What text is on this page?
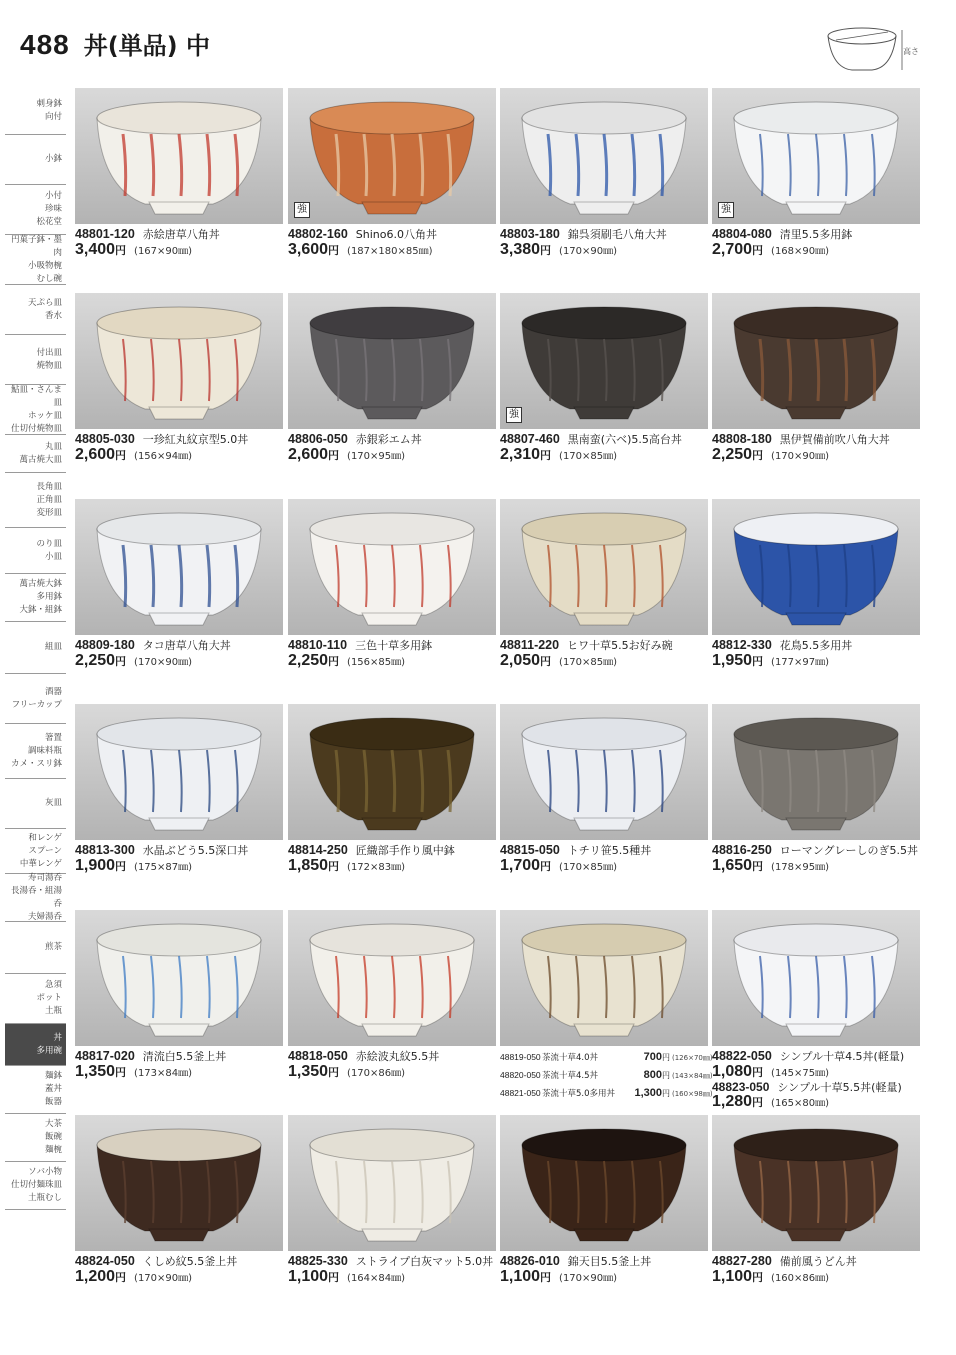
488 丼(単品) 中	高さ
刺身鉢
向付
小鉢
小付
珍味
松花堂
円菓子鉢・墨肉
小吸物椀
むし碗
天ぷら皿
香水
付出皿
焼物皿
鮎皿・さんま皿
ホッケ皿
仕切付焼物皿
丸皿
萬古焼大皿
長角皿
正角皿
変形皿
のり皿
小皿
萬古焼大鉢
多用鉢
大鉢・組鉢
組皿
酒器
フリーカップ
箸置
調味料瓶
カメ・スリ鉢
灰皿
和レンゲ
スプーン
中華レンゲ
寿司湯呑
長湯呑・組湯呑
夫婦湯呑
煎茶
急須
ポット
土瓶
丼
多用碗
麺鉢
蓋丼
飯器
大茶
飯碗
麺椀
ソバ小物
仕切付麺珠皿
土瓶むし
48801-120 赤絵唐草八角丼
3,400円 (167×90㎜)
強
48802-160 Shino6.0八角丼
3,600円 (187×180×85㎜)
48803-180 錦呉須刷毛八角大丼
3,380円 (170×90㎜)
強
48804-080 清里5.5多用鉢
2,700円 (168×90㎜)
48805-030 一珍紅丸紋京型5.0丼
2,600円 (156×94㎜)
48806-050 赤銀彩エム丼
2,600円 (170×95㎜)
強
48807-460 黒南蛮(六ベ)5.5高台丼
2,310円 (170×85㎜)
48808-180 黒伊賀備前吹八角大丼
2,250円 (170×90㎜)
48809-180 タコ唐草八角大丼
2,250円 (170×90㎜)
48810-110 三色十草多用鉢
2,250円 (156×85㎜)
48811-220 ヒワ十草5.5お好み碗
2,050円 (170×85㎜)
48812-330 花鳥5.5多用丼
1,950円 (177×97㎜)
48813-300 水晶ぶどう5.5深口丼
1,900円 (175×87㎜)
48814-250 匠織部手作り風中鉢
1,850円 (172×83㎜)
48815-050 トチリ笹5.5種丼
1,700円 (170×85㎜)
48816-250 ローマングレーしのぎ5.5丼
1,650円 (178×95㎜)
48817-020 清流白5.5釜上丼
1,350円 (173×84㎜)
48818-050 赤絵波丸紋5.5丼
1,350円 (170×86㎜)
48819-050茶流十草4.0丼	700円 (126×70㎜)
48820-050茶流十草4.5丼	800円 (143×84㎜)
48821-050茶流十草5.0多用丼 1,300円 (160×98㎜)
48822-050 シンプル十草4.5丼(軽量)
1,080円 (145×75㎜)
48823-050 シンプル十草5.5丼(軽量)
1,280円 (165×80㎜)
48824-050 くしめ紋5.5釜上丼
1,200円 (170×90㎜)
48825-330 ストライプ白灰マット5.0丼
1,100円 (164×84㎜)
48826-010 錦天目5.5釜上丼
1,100円 (170×90㎜)
48827-280 備前風うどん丼
1,100円 (160×86㎜)
